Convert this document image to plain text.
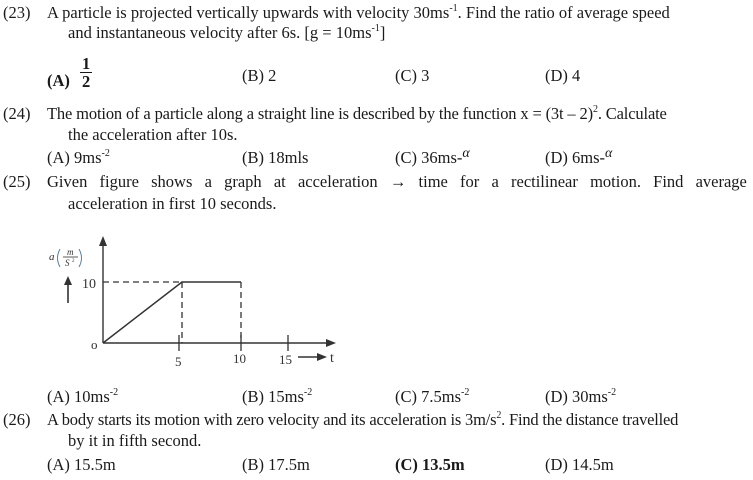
(23) A particle is projected vertically upwards with velocity $30ms^{-1}$. Find the ratio of average speed
and instantaneous velocity after 6s. $[g = 10ms^{-1}]$
$(A) \frac{1}{2}$	(B) 2	(C) 3	(D) 4
(24) The motion of a particle along a straight line is described by the function x = (3t – 2)$^2$. Calculate
the acceleration after 10s.
(A) $9ms^{-2}$	(B) 18mls	(C) 36ms-$^\alpha$	(D) 6ms-$^\alpha$
(25) Given figure shows a graph at acceleration → time for a rectilinear motion. Find average
acceleration in first 10 seconds.
a m
S 2
10
o
5	10	15	t
(A) $10ms^{-2}$	(B) $15ms^{-2}$	(C) $7.5ms^{-2}$	(D) $30ms^{-2}$
(26) A body starts its motion with zero velocity and its acceleration is $3m/s^2$. Find the distance travelled
by it in fifth second.
(A) 15.5m	(B) 17.5m	(C) 13.5m	(D) 14.5m
